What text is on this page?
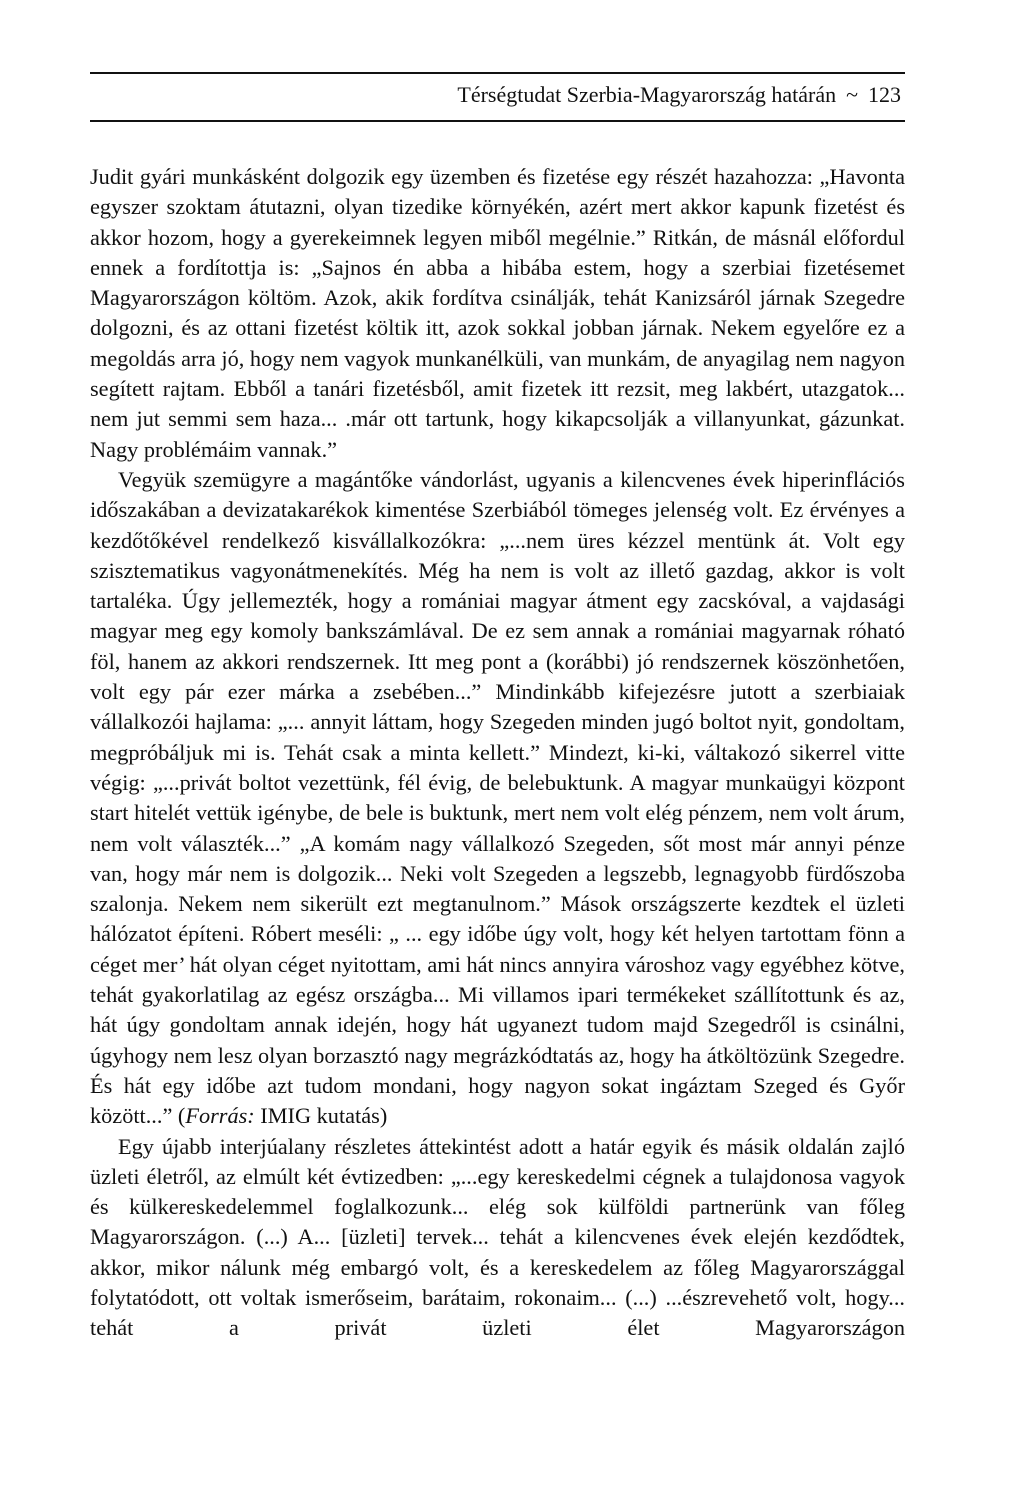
Térségtudat Szerbia-Magyarország határán ~ 123

Judit gyári munkásként dolgozik egy üzemben és fizetése egy részét hazahozza: „Havonta egyszer szoktam átutazni, olyan tizedike környékén, azért mert akkor kapunk fizetést és akkor hozom, hogy a gyerekeimnek legyen miből megélnie.” Ritkán, de másnál előfordul ennek a fordítottja is: „Sajnos én abba a hibába estem, hogy a szerbiai fizetésemet Magyarországon költöm. Azok, akik fordítva csinálják, tehát Kanizsáról járnak Szegedre dolgozni, és az ottani fizetést költik itt, azok sokkal jobban járnak. Nekem egyelőre ez a megoldás arra jó, hogy nem vagyok munkanélküli, van munkám, de anyagilag nem nagyon segített rajtam. Ebből a tanári fizetésből, amit fizetek itt rezsit, meg lakbért, utazgatok... nem jut semmi sem haza... .már ott tartunk, hogy kikapcsolják a villanyunkat, gázunkat. Nagy problémáim vannak.”

Vegyük szemügyre a magántőke vándorlást, ugyanis a kilencvenes évek hiperinflációs időszakában a devizatakarékok kimentése Szerbiából tömeges jelenség volt. Ez érvényes a kezdőtőkével rendelkező kisvállalkozókra: „...nem üres kézzel mentünk át. Volt egy szisztematikus vagyonátmenekítés. Még ha nem is volt az illető gazdag, akkor is volt tartaléka. Úgy jellemezték, hogy a romániai magyar átment egy zacskóval, a vajdasági magyar meg egy komoly bankszámlával. De ez sem annak a romániai magyarnak róható föl, hanem az akkori rendszernek. Itt meg pont a (korábbi) jó rendszernek köszönhetően, volt egy pár ezer márka a zsebében...” Mindinkább kifejezésre jutott a szerbiaiak vállalkozói hajlama: „... annyit láttam, hogy Szegeden minden jugó boltot nyit, gondoltam, megpróbáljuk mi is. Tehát csak a minta kellett.” Mindezt, ki-ki, váltakozó sikerrel vitte végig: „...privát boltot vezettünk, fél évig, de belebuktunk. A magyar munkaügyi központ start hitelét vettük igénybe, de bele is buktunk, mert nem volt elég pénzem, nem volt árum, nem volt választék...” „A komám nagy vállalkozó Szegeden, sőt most már annyi pénze van, hogy már nem is dolgozik... Neki volt Szegeden a legszebb, legnagyobb fürdőszoba szalonja. Nekem nem sikerült ezt megtanulnom.” Mások országszerte kezdtek el üzleti hálózatot építeni. Róbert meséli: „ ... egy időbe úgy volt, hogy két helyen tartottam fönn a céget mer’ hát olyan céget nyitottam, ami hát nincs annyira városhoz vagy egyébhez kötve, tehát gyakorlatilag az egész országba... Mi villamos ipari termékeket szállítottunk és az, hát úgy gondoltam annak idején, hogy hát ugyanezt tudom majd Szegedről is csinálni, úgyhogy nem lesz olyan borzasztó nagy megrázkódtatás az, hogy ha átköltözünk Szegedre. És hát egy időbe azt tudom mondani, hogy nagyon sokat ingáztam Szeged és Győr között...” (Forrás: IMIG kutatás)

Egy újabb interjúalany részletes áttekintést adott a határ egyik és másik oldalán zajló üzleti életről, az elmúlt két évtizedben: „...egy kereskedelmi cégnek a tulajdonosa vagyok és külkereskedelemmel foglalkozunk... elég sok külföldi partnerünk van főleg Magyarországon. (...) A... [üzleti] tervek... tehát a kilencvenes évek elején kezdődtek, akkor, mikor nálunk még embargó volt, és a kereskedelem az főleg Magyarországgal folytatódott, ott voltak ismerőseim, barátaim, rokonaim... (...) ...észrevehető volt, hogy... tehát a privát üzleti élet Magyarországon
